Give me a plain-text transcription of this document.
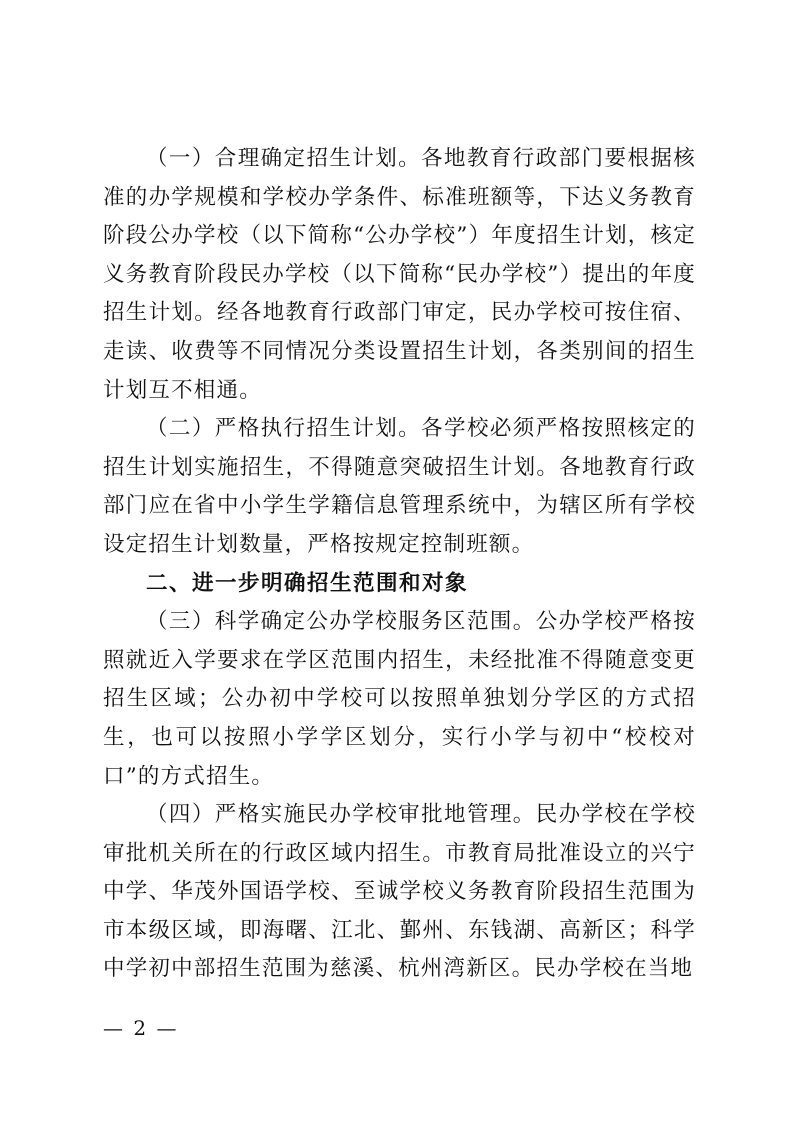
（一）合理确定招生计划。各地教育行政部门要根据核准的办学规模和学校办学条件、标准班额等，下达义务教育阶段公办学校（以下简称“公办学校”）年度招生计划，核定义务教育阶段民办学校（以下简称“民办学校”）提出的年度招生计划。经各地教育行政部门审定，民办学校可按住宿、走读、收费等不同情况分类设置招生计划，各类别间的招生计划互不相通。

（二）严格执行招生计划。各学校必须严格按照核定的招生计划实施招生，不得随意突破招生计划。各地教育行政部门应在省中小学生学籍信息管理系统中，为辖区所有学校设定招生计划数量，严格按规定控制班额。

二、进一步明确招生范围和对象

（三）科学确定公办学校服务区范围。公办学校严格按照就近入学要求在学区范围内招生，未经批准不得随意变更招生区域；公办初中学校可以按照单独划分学区的方式招生，也可以按照小学学区划分，实行小学与初中“校校对口”的方式招生。

（四）严格实施民办学校审批地管理。民办学校在学校审批机关所在的行政区域内招生。市教育局批准设立的兴宁中学、华茂外国语学校、至诚学校义务教育阶段招生范围为市本级区域，即海曙、江北、鄞州、东钱湖、高新区；科学中学初中部招生范围为慈溪、杭州湾新区。民办学校在当地

— 2 —
